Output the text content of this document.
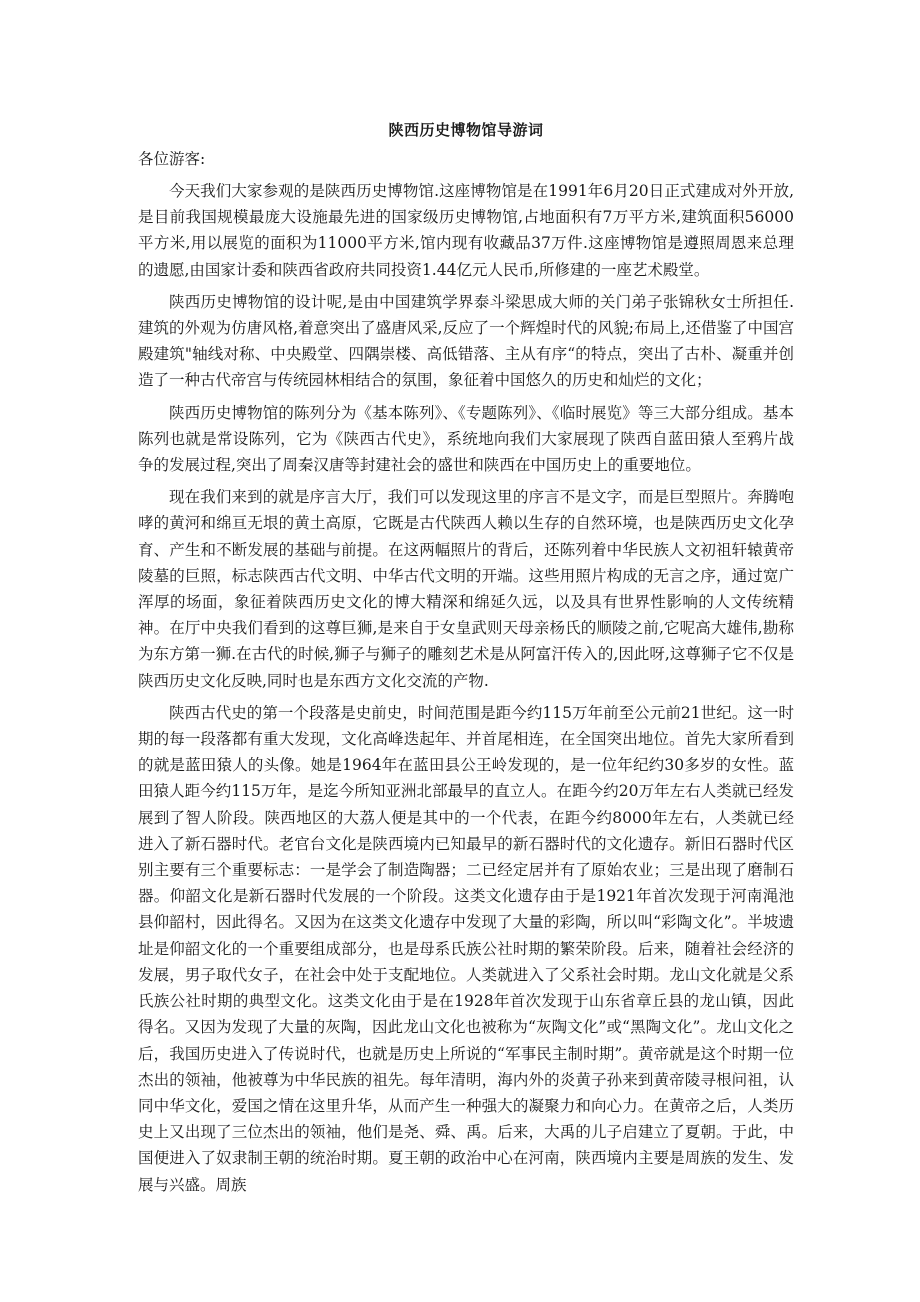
陕西历史博物馆导游词
各位游客:

今天我们大家参观的是陕西历史博物馆.这座博物馆是在1991年6月20日正式建成对外开放,是目前我国规模最庞大设施最先进的国家级历史博物馆,占地面积有7万平方米,建筑面积56000平方米,用以展览的面积为11000平方米,馆内现有收藏品37万件.这座博物馆是遵照周恩来总理的遗愿,由国家计委和陕西省政府共同投资1.44亿元人民币,所修建的一座艺术殿堂。

陕西历史博物馆的设计呢,是由中国建筑学界泰斗梁思成大师的关门弟子张锦秋女士所担任.建筑的外观为仿唐风格,着意突出了盛唐风采,反应了一个辉煌时代的风貌;布局上,还借鉴了中国宫殿建筑"轴线对称、中央殿堂、四隅崇楼、高低错落、主从有序“的特点，突出了古朴、凝重并创造了一种古代帝宫与传统园林相结合的氛围，象征着中国悠久的历史和灿烂的文化；

陕西历史博物馆的陈列分为《基本陈列》、《专题陈列》、《临时展览》等三大部分组成。基本陈列也就是常设陈列，它为《陕西古代史》，系统地向我们大家展现了陕西自蓝田猿人至鸦片战争的发展过程,突出了周秦汉唐等封建社会的盛世和陕西在中国历史上的重要地位。

现在我们来到的就是序言大厅，我们可以发现这里的序言不是文字，而是巨型照片。奔腾咆哮的黄河和绵亘无垠的黄土高原，它既是古代陕西人赖以生存的自然环境，也是陕西历史文化孕育、产生和不断发展的基础与前提。在这两幅照片的背后，还陈列着中华民族人文初祖轩辕黄帝陵墓的巨照，标志陕西古代文明、中华古代文明的开端。这些用照片构成的无言之序，通过宽广浑厚的场面，象征着陕西历史文化的博大精深和绵延久远，以及具有世界性影响的人文传统精神。在厅中央我们看到的这尊巨狮,是来自于女皇武则天母亲杨氏的顺陵之前,它呢高大雄伟,勘称为东方第一狮.在古代的时候,狮子与狮子的雕刻艺术是从阿富汗传入的,因此呀,这尊狮子它不仅是陕西历史文化反映,同时也是东西方文化交流的产物.

陕西古代史的第一个段落是史前史，时间范围是距今约115万年前至公元前21世纪。这一时期的每一段落都有重大发现，文化高峰迭起年、并首尾相连，在全国突出地位。首先大家所看到的就是蓝田猿人的头像。她是1964年在蓝田县公王岭发现的，是一位年纪约30多岁的女性。蓝田猿人距今约115万年，是迄今所知亚洲北部最早的直立人。在距今约20万年左右人类就已经发展到了智人阶段。陕西地区的大荔人便是其中的一个代表，在距今约8000年左右，人类就已经进入了新石器时代。老官台文化是陕西境内已知最早的新石器时代的文化遗存。新旧石器时代区别主要有三个重要标志：一是学会了制造陶器；二已经定居并有了原始农业；三是出现了磨制石器。仰韶文化是新石器时代发展的一个阶段。这类文化遗存由于是1921年首次发现于河南渑池县仰韶村，因此得名。又因为在这类文化遗存中发现了大量的彩陶，所以叫“彩陶文化”。半坡遗址是仰韶文化的一个重要组成部分，也是母系氏族公社时期的繁荣阶段。后来，随着社会经济的发展，男子取代女子，在社会中处于支配地位。人类就进入了父系社会时期。龙山文化就是父系氏族公社时期的典型文化。这类文化由于是在1928年首次发现于山东省章丘县的龙山镇，因此得名。又因为发现了大量的灰陶，因此龙山文化也被称为“灰陶文化”或“黑陶文化”。龙山文化之后，我国历史进入了传说时代，也就是历史上所说的“军事民主制时期”。黄帝就是这个时期一位杰出的领袖，他被尊为中华民族的祖先。每年清明，海内外的炎黄子孙来到黄帝陵寻根问祖，认同中华文化，爱国之情在这里升华，从而产生一种强大的凝聚力和向心力。在黄帝之后，人类历史上又出现了三位杰出的领袖，他们是尧、舜、禹。后来，大禹的儿子启建立了夏朝。于此，中国便进入了奴隶制王朝的统治时期。夏王朝的政治中心在河南，陕西境内主要是周族的发生、发展与兴盛。周族
